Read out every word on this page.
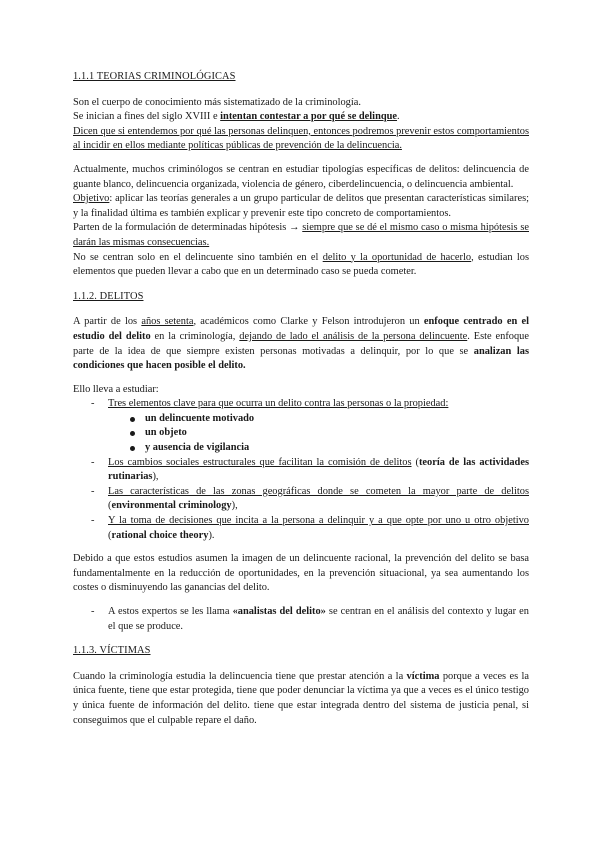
1.1.1 TEORIAS CRIMINOLÓGICAS

Son el cuerpo de conocimiento más sistematizado de la criminología.

Se inician a fines del siglo XVIII e intentan contestar a por qué se delinque.

Dicen que si entendemos por qué las personas delinquen, entonces podremos prevenir estos comportamientos al incidir en ellos mediante políticas públicas de prevención de la delincuencia.

Actualmente, muchos criminólogos se centran en estudiar tipologías específicas de delitos: delincuencia de guante blanco, delincuencia organizada, violencia de género, ciberdelincuencia, o delincuencia ambiental.

Objetivo: aplicar las teorías generales a un grupo particular de delitos que presentan características similares; y la finalidad última es también explicar y prevenir este tipo concreto de comportamientos.

Parten de la formulación de determinadas hipótesis → siempre que se dé el mismo caso o misma hipótesis se darán las mismas consecuencias.

No se centran solo en el delincuente sino también en el delito y la oportunidad de hacerlo, estudian los elementos que pueden llevar a cabo que en un determinado caso se pueda cometer.

1.1.2. DELITOS

A partir de los años setenta, académicos como Clarke y Felson introdujeron un enfoque centrado en el estudio del delito en la criminología, dejando de lado el análisis de la persona delincuente. Este enfoque parte de la idea de que siempre existen personas motivadas a delinquir, por lo que se analizan las condiciones que hacen posible el delito.

Ello lleva a estudiar:

- Tres elementos clave para que ocurra un delito contra las personas o la propiedad:
un delincuente motivado
un objeto
y ausencia de vigilancia
- Los cambios sociales estructurales que facilitan la comisión de delitos (teoría de las actividades rutinarias),
- Las características de las zonas geográficas donde se cometen la mayor parte de delitos (environmental criminology),
- Y la toma de decisiones que incita a la persona a delinquir y a que opte por uno u otro objetivo (rational choice theory).

Debido a que estos estudios asumen la imagen de un delincuente racional, la prevención del delito se basa fundamentalmente en la reducción de oportunidades, en la prevención situacional, ya sea aumentando los costes o disminuyendo las ganancias del delito.

- A estos expertos se les llama «analistas del delito» se centran en el análisis del contexto y lugar en el que se produce.

1.1.3. VÍCTIMAS

Cuando la criminología estudia la delincuencia tiene que prestar atención a la víctima porque a veces es la única fuente, tiene que estar protegida, tiene que poder denunciar la víctima ya que a veces es el único testigo y única fuente de información del delito. tiene que estar integrada dentro del sistema de justicia penal, si conseguimos que el culpable repare el daño.
